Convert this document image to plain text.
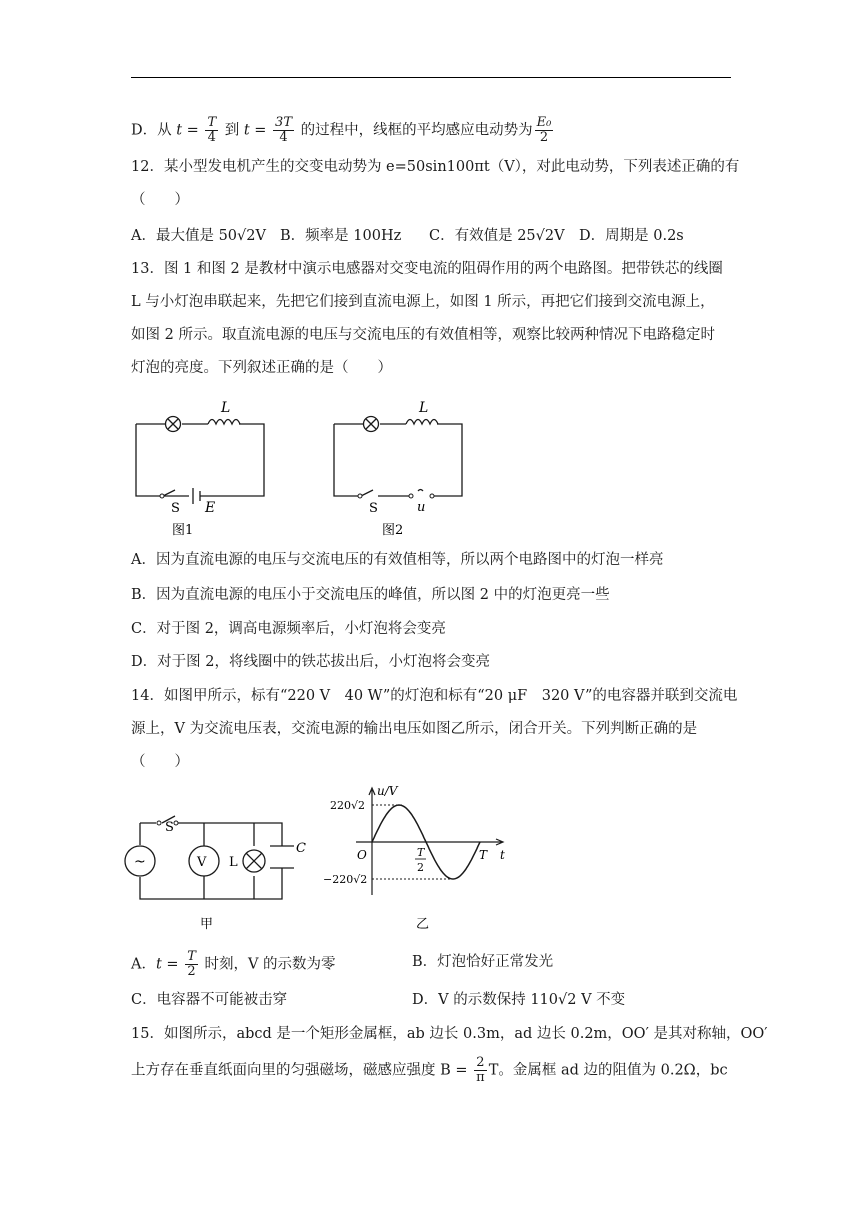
D．从 $t = \frac{T}{4}$ 到 $t = \frac{3T}{4}$ 的过程中，线框的平均感应电动势为 $\frac{\text{E₀}}{2}$
12．某小型发电机产生的交变电动势为 e=50sin100πt（V），对此电动势，下列表述正确的有
（　　）
A．最大值是 50√2V B．频率是 100Hz C．有效值是 25√2V D．周期是 0.2s
13．图 1 和图 2 是教材中演示电感器对交变电流的阻碍作用的两个电路图。把带铁芯的线圈
L 与小灯泡串联起来，先把它们接到直流电源上，如图 1 所示，再把它们接到交流电源上，
如图 2 所示。取直流电源的电压与交流电压的有效值相等，观察比较两种情况下电路稳定时
灯泡的亮度。下列叙述正确的是（　　）
L
S E
图1
L
S	u
图2
A．因为直流电源的电压与交流电压的有效值相等，所以两个电路图中的灯泡一样亮
B．因为直流电源的电压小于交流电压的峰值，所以图 2 中的灯泡更亮一些
C．对于图 2，调高电源频率后，小灯泡将会变亮
D．对于图 2，将线圈中的铁芯拔出后，小灯泡将会变亮
14．如图甲所示，标有“220 V　40 W”的灯泡和标有“20 μF　320 V”的电容器并联到交流电
源上，V 为交流电压表，交流电源的输出电压如图乙所示，闭合开关。下列判断正确的是
（　　）
~	V
S
L
C
甲
u/V
220√2
−220√2
O	T
2
T t
乙
A．$t = \frac{T}{2}$ 时刻，V 的示数为零	B．灯泡恰好正常发光
C．电容器不可能被击穿	D．V 的示数保持 110√2 V 不变
15．如图所示，abcd 是一个矩形金属框，ab 边长 0.3m，ad 边长 0.2m，OO′ 是其对称轴，OO′
上方存在垂直纸面向里的匀强磁场，磁感应强度 $B = \frac{2}{\pi}$ T。金属框 ad 边的阻值为 0.2Ω，bc
